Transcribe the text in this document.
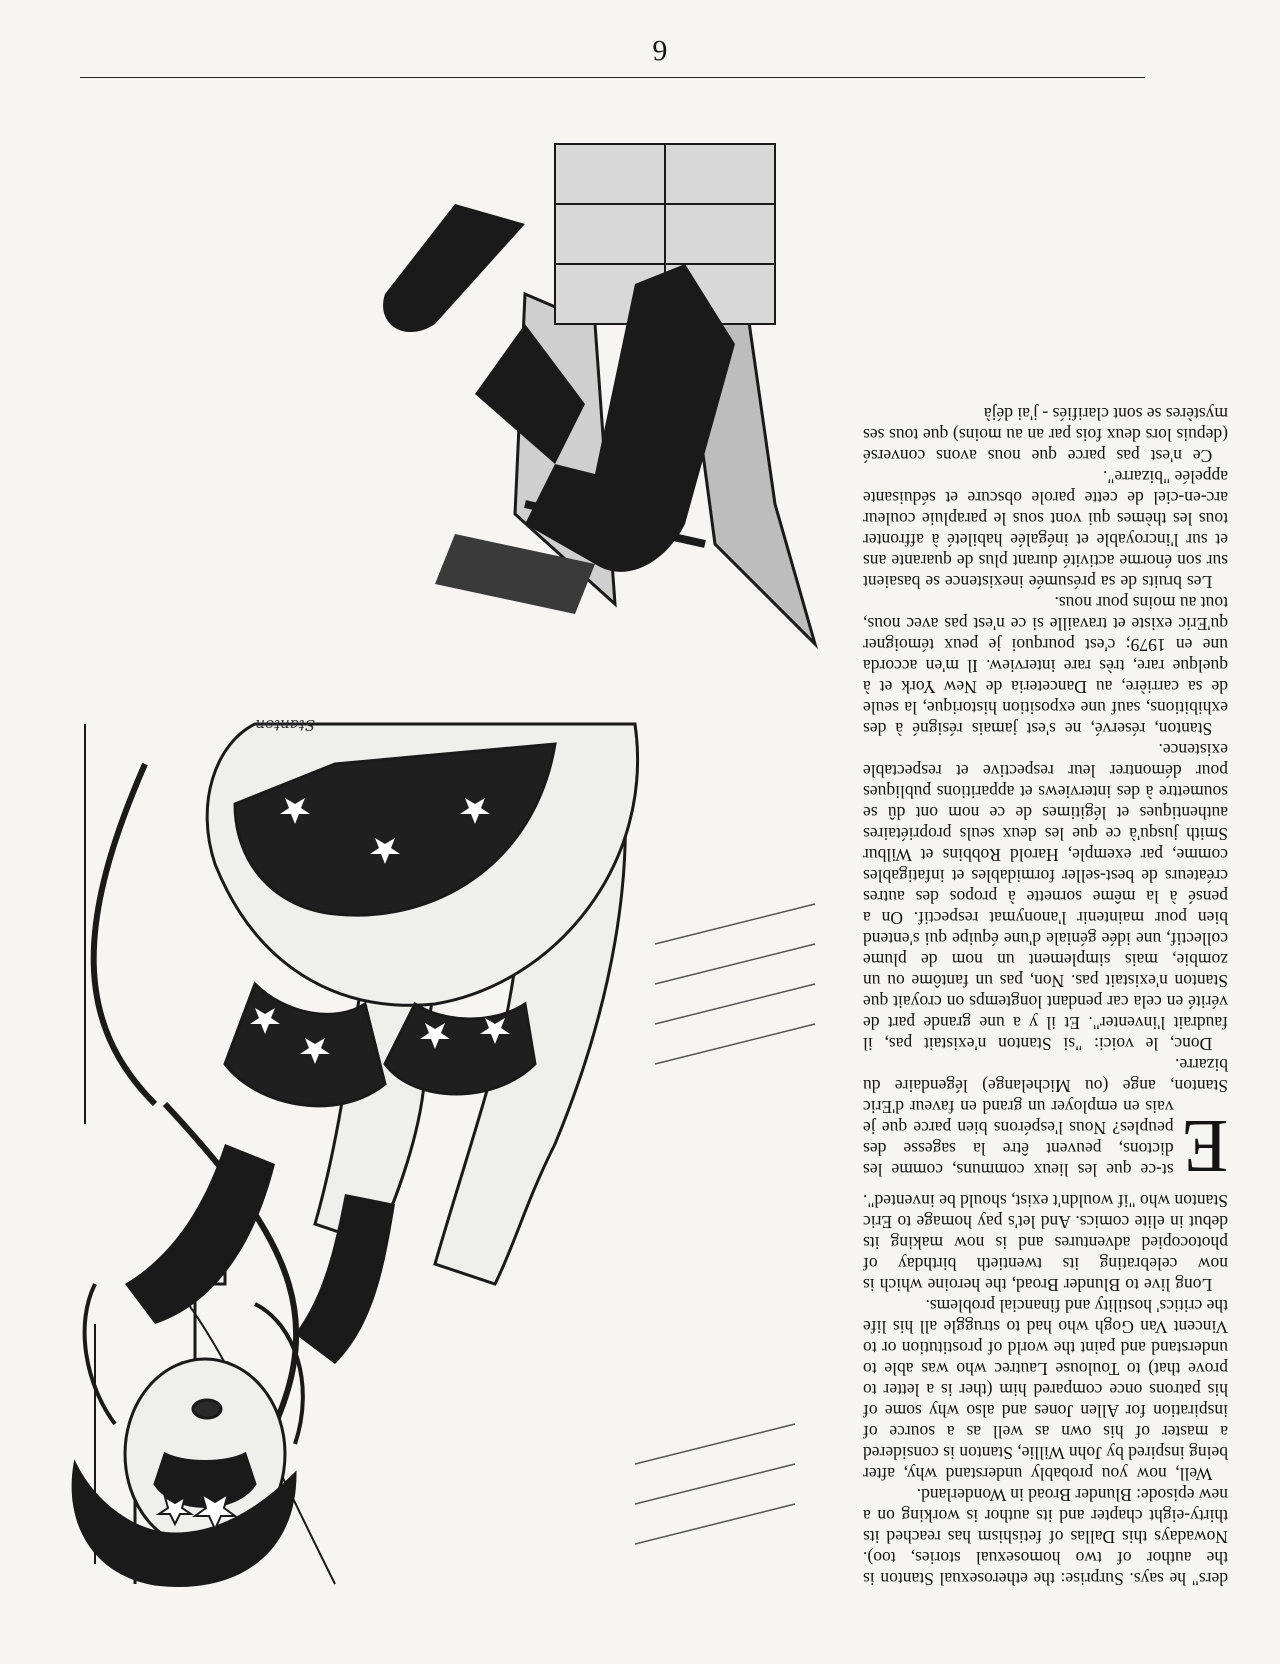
6

ders" he says. Surprise: the etherosexual Stanton is the author of two homosexual stories, too). Nowadays this Dallas of fetishism has reached its thirty-eight chapter and its author is working on a new episode: Blunder Broad in Wonderland.

Well, now you probably understand why, after being inspired by John Willie, Stanton is considered a master of his own as well as a source of inspiration for Allen Jones and also why some of his patrons once compared him (ther is a letter to prove that) to Toulouse Lautrec who was able to understand and paint the world of prostitution or to Vincent Van Gogh who had to struggle all his life the critics' hostility and financial problems.

Long live to Blunder Broad, the heroine which is now celebrating its twentieth birthday of photocopied adventures and is now making its debut in elite comics. And let's pay homage to Eric Stanton who "if wouldn't exist, should be invented".

E
st-ce que les lieux communs, comme les dictons, peuvent être la sagesse des peuples? Nous l'espérons bien parce que je vais en employer un grand en faveur d'Eric Stanton, ange (ou Michelange) légendaire du bizarre.

Donc, le voici: "si Stanton n'existait pas, il faudrait l'inventer". Et il y a une grande part de vérité en cela car pendant longtemps on croyait que Stanton n'existait pas. Non, pas un fantôme ou un zombie, mais simplement un nom de plume collectif, une idée géniale d'une équipe qui s'entend bien pour maintenir l'anonymat respectif. On a pensé à la même sornette à propos des autres créateurs de best-seller formidables et infatigables comme, par exemple, Harold Robbins et Wilbur Smith jusqu'à ce que les deux seuls propriétaires authentiques et légitimes de ce nom ont dû se soumettre à des interviews et apparitions publiques pour démontrer leur respective et respectable existence.

Stanton, réservé, ne s'est jamais résigné à des exhibitions, sauf une exposition historique, la seule de sa carrière, au Danceteria de New York et à quelque rare, très rare interview. Il m'en accorda une en 1979; c'est pourquoi je peux témoigner qu'Eric existe et travaille si ce n'est pas avec nous, tout au moins pour nous.

Les bruits de sa présumée inexistence se basaient sur son énorme activité durant plus de quarante ans et sur l'incroyable et inégalée habileté à affronter tous les thèmes qui vont sous le parapluie couleur arc-en-ciel de cette parole obscure et séduisante appelée "bizarre".

Ce n'est pas parce que nous avons conversé (depuis lors deux fois par an au moins) que tous ses mystères se sont clarifiés - j'ai déjà

Stanton
